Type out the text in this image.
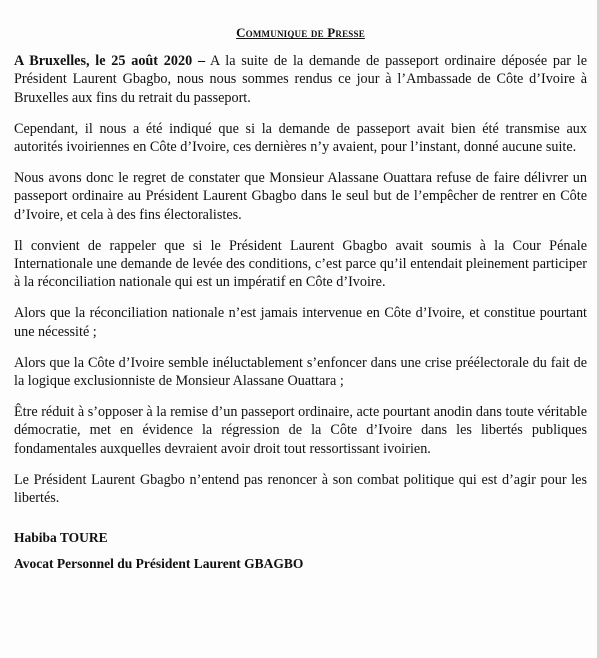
Communique de Presse

A Bruxelles, le 25 août 2020 – A la suite de la demande de passeport ordinaire déposée par le Président Laurent Gbagbo, nous nous sommes rendus ce jour à l’Ambassade de Côte d’Ivoire à Bruxelles aux fins du retrait du passeport.

Cependant, il nous a été indiqué que si la demande de passeport avait bien été transmise aux autorités ivoiriennes en Côte d’Ivoire, ces dernières n’y avaient, pour l’instant, donné aucune suite.

Nous avons donc le regret de constater que Monsieur Alassane Ouattara refuse de faire délivrer un passeport ordinaire au Président Laurent Gbagbo dans le seul but de l’empêcher de rentrer en Côte d’Ivoire, et cela à des fins électoralistes.

Il convient de rappeler que si le Président Laurent Gbagbo avait soumis à la Cour Pénale Internationale une demande de levée des conditions, c’est parce qu’il entendait pleinement participer à la réconciliation nationale qui est un impératif en Côte d’Ivoire.

Alors que la réconciliation nationale n’est jamais intervenue en Côte d’Ivoire, et constitue pourtant une nécessité ;

Alors que la Côte d’Ivoire semble inéluctablement s’enfoncer dans une crise préélectorale du fait de la logique exclusionniste de Monsieur Alassane Ouattara ;

Être réduit à s’opposer à la remise d’un passeport ordinaire, acte pourtant anodin dans toute véritable démocratie, met en évidence la régression de la Côte d’Ivoire dans les libertés publiques fondamentales auxquelles devraient avoir droit tout ressortissant ivoirien.

Le Président Laurent Gbagbo n’entend pas renoncer à son combat politique qui est d’agir pour les libertés.

Habiba TOURE

Avocat Personnel du Président Laurent GBAGBO
